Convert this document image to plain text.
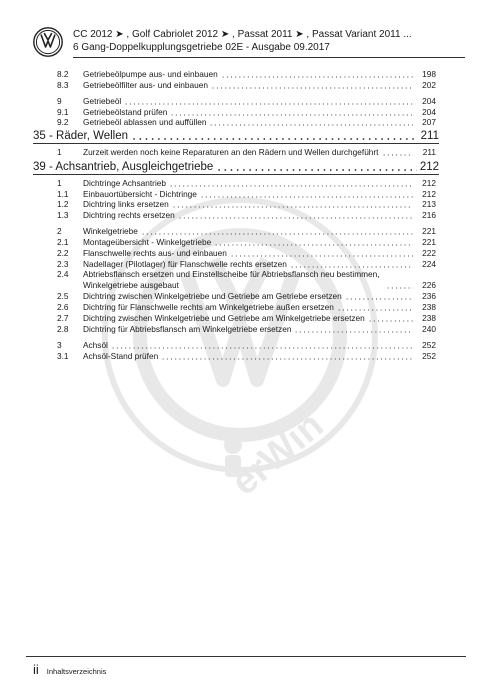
CC 2012 ➤ , Golf Cabriolet 2012 ➤ , Passat 2011 ➤ , Passat Variant 2011 ...
6 Gang-Doppelkupplungsgetriebe 02E - Ausgabe 09.2017
erWin
8.2	Getriebeölpumpe aus- und einbauen	198
8.3	Getriebeölfilter aus- und einbauen	202
9	Getriebeöl	204
9.1	Getriebeölstand prüfen	204
9.2	Getriebeöl ablassen und auffüllen	207
35 - Räder, Wellen	211
1	Zurzeit werden noch keine Reparaturen an den Rädern und Wellen durchgeführt	211
39 - Achsantrieb, Ausgleichgetriebe	212
1	Dichtringe Achsantrieb	212
1.1	Einbauortübersicht - Dichtringe	212
1.2	Dichtring links ersetzen	213
1.3	Dichtring rechts ersetzen	216
2	Winkelgetriebe	221
2.1	Montageübersicht - Winkelgetriebe	221
2.2	Flanschwelle rechts aus- und einbauen	222
2.3	Nadellager (Pilotlager) für Flanschwelle rechts ersetzen	224
2.4	Abtriebsflansch ersetzen und Einstellscheibe für Abtriebsflansch neu bestimmen, Winkelgetriebe ausgebaut	226
2.5	Dichtring zwischen Winkelgetriebe und Getriebe am Getriebe ersetzen	236
2.6	Dichtring für Flanschwelle rechts am Winkelgetriebe außen ersetzen	238
2.7	Dichtring zwischen Winkelgetriebe und Getriebe am Winkelgetriebe ersetzen	238
2.8	Dichtring für Abtriebsflansch am Winkelgetriebe ersetzen	240
3	Achsöl	252
3.1	Achsöl-Stand prüfen	252
ii Inhaltsverzeichnis
